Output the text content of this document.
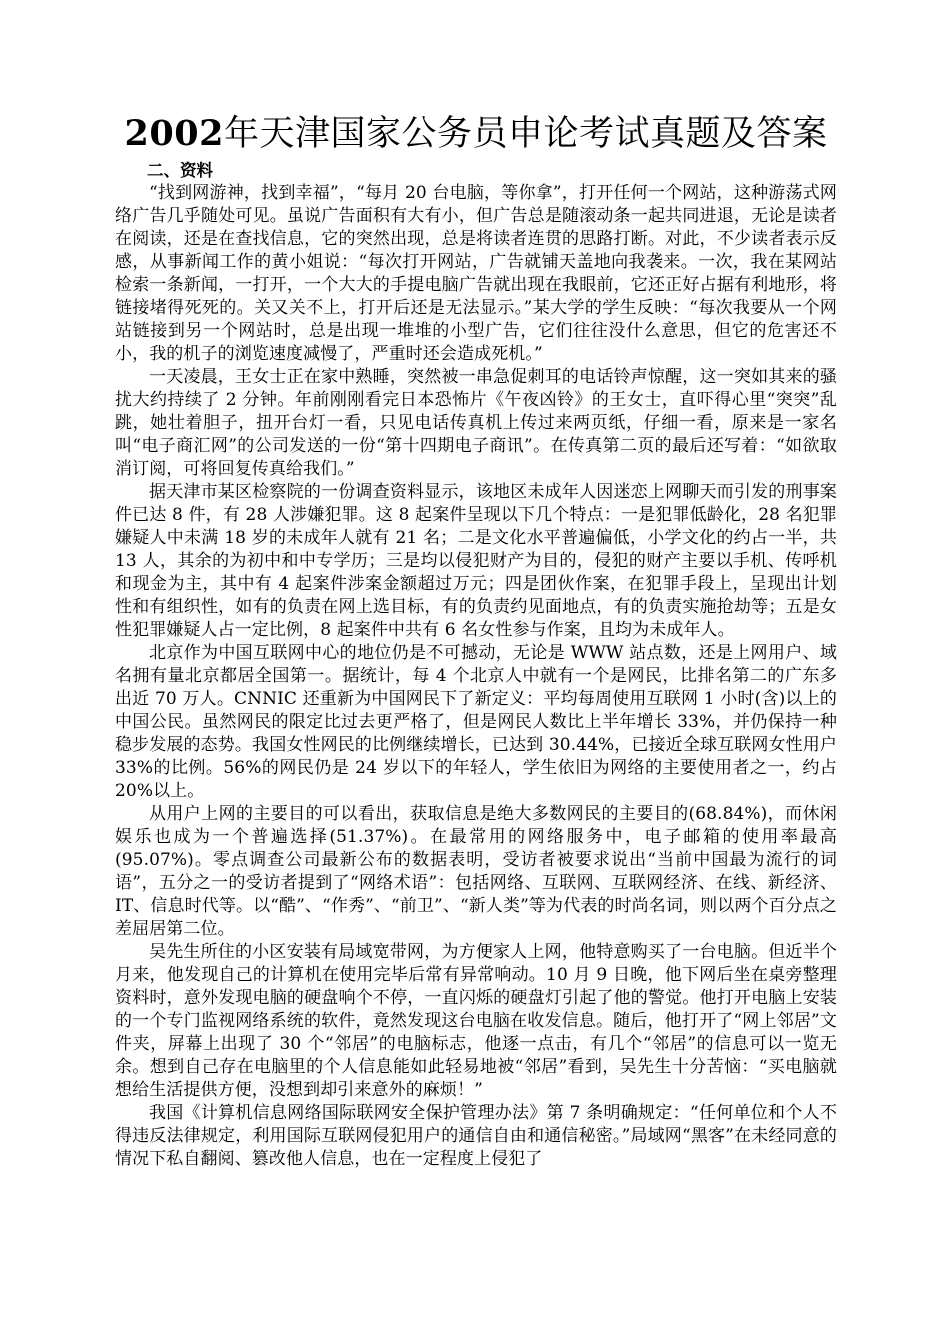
2002年天津国家公务员申论考试真题及答案
二、资料

“找到网游神，找到幸福”，“每月 20 台电脑，等你拿”，打开任何一个网站，这种游荡式网络广告几乎随处可见。虽说广告面积有大有小，但广告总是随滚动条一起共同进退，无论是读者在阅读，还是在查找信息，它的突然出现，总是将读者连贯的思路打断。对此，不少读者表示反感，从事新闻工作的黄小姐说：“每次打开网站，广告就铺天盖地向我袭来。一次，我在某网站检索一条新闻，一打开，一个大大的手提电脑广告就出现在我眼前，它还正好占据有利地形，将链接堵得死死的。关又关不上，打开后还是无法显示。”某大学的学生反映：“每次我要从一个网站链接到另一个网站时，总是出现一堆堆的小型广告，它们往往没什么意思，但它的危害还不小，我的机子的浏览速度减慢了，严重时还会造成死机。”

一天凌晨，王女士正在家中熟睡，突然被一串急促刺耳的电话铃声惊醒，这一突如其来的骚扰大约持续了 2 分钟。年前刚刚看完日本恐怖片《午夜凶铃》的王女士，直吓得心里“突突”乱跳，她壮着胆子，扭开台灯一看，只见电话传真机上传过来两页纸，仔细一看，原来是一家名叫“电子商汇网”的公司发送的一份“第十四期电子商讯”。在传真第二页的最后还写着：“如欲取消订阅，可将回复传真给我们。”

据天津市某区检察院的一份调查资料显示，该地区未成年人因迷恋上网聊天而引发的刑事案件已达 8 件，有 28 人涉嫌犯罪。这 8 起案件呈现以下几个特点：一是犯罪低龄化，28 名犯罪嫌疑人中未满 18 岁的未成年人就有 21 名；二是文化水平普遍偏低，小学文化的约占一半，共 13 人，其余的为初中和中专学历；三是均以侵犯财产为目的，侵犯的财产主要以手机、传呼机和现金为主，其中有 4 起案件涉案金额超过万元；四是团伙作案，在犯罪手段上，呈现出计划性和有组织性，如有的负责在网上选目标，有的负责约见面地点，有的负责实施抢劫等；五是女性犯罪嫌疑人占一定比例，8 起案件中共有 6 名女性参与作案，且均为未成年人。

北京作为中国互联网中心的地位仍是不可撼动，无论是 WWW 站点数，还是上网用户、域名拥有量北京都居全国第一。据统计，每 4 个北京人中就有一个是网民，比排名第二的广东多出近 70 万人。CNNIC 还重新为中国网民下了新定义：平均每周使用互联网 1 小时(含)以上的中国公民。虽然网民的限定比过去更严格了，但是网民人数比上半年增长 33%，并仍保持一种稳步发展的态势。我国女性网民的比例继续增长，已达到 30.44%，已接近全球互联网女性用户 33%的比例。56%的网民仍是 24 岁以下的年轻人，学生依旧为网络的主要使用者之一，约占 20%以上。

从用户上网的主要目的可以看出，获取信息是绝大多数网民的主要目的(68.84%)，而休闲娱乐也成为一个普遍选择(51.37%)。在最常用的网络服务中，电子邮箱的使用率最高(95.07%)。零点调查公司最新公布的数据表明，受访者被要求说出“当前中国最为流行的词语”，五分之一的受访者提到了“网络术语”：包括网络、互联网、互联网经济、在线、新经济、IT、信息时代等。以“酷”、“作秀”、“前卫”、“新人类”等为代表的时尚名词，则以两个百分点之差屈居第二位。

吴先生所住的小区安装有局域宽带网，为方便家人上网，他特意购买了一台电脑。但近半个月来，他发现自己的计算机在使用完毕后常有异常响动。10 月 9 日晚，他下网后坐在桌旁整理资料时，意外发现电脑的硬盘响个不停，一直闪烁的硬盘灯引起了他的警觉。他打开电脑上安装的一个专门监视网络系统的软件，竟然发现这台电脑在收发信息。随后，他打开了“网上邻居”文件夹，屏幕上出现了 30 个“邻居”的电脑标志，他逐一点击，有几个“邻居”的信息可以一览无余。想到自己存在电脑里的个人信息能如此轻易地被“邻居”看到，吴先生十分苦恼：“买电脑就想给生活提供方便，没想到却引来意外的麻烦！”

我国《计算机信息网络国际联网安全保护管理办法》第 7 条明确规定：“任何单位和个人不得违反法律规定，利用国际互联网侵犯用户的通信自由和通信秘密。”局域网“黑客”在未经同意的情况下私自翻阅、篡改他人信息，也在一定程度上侵犯了
